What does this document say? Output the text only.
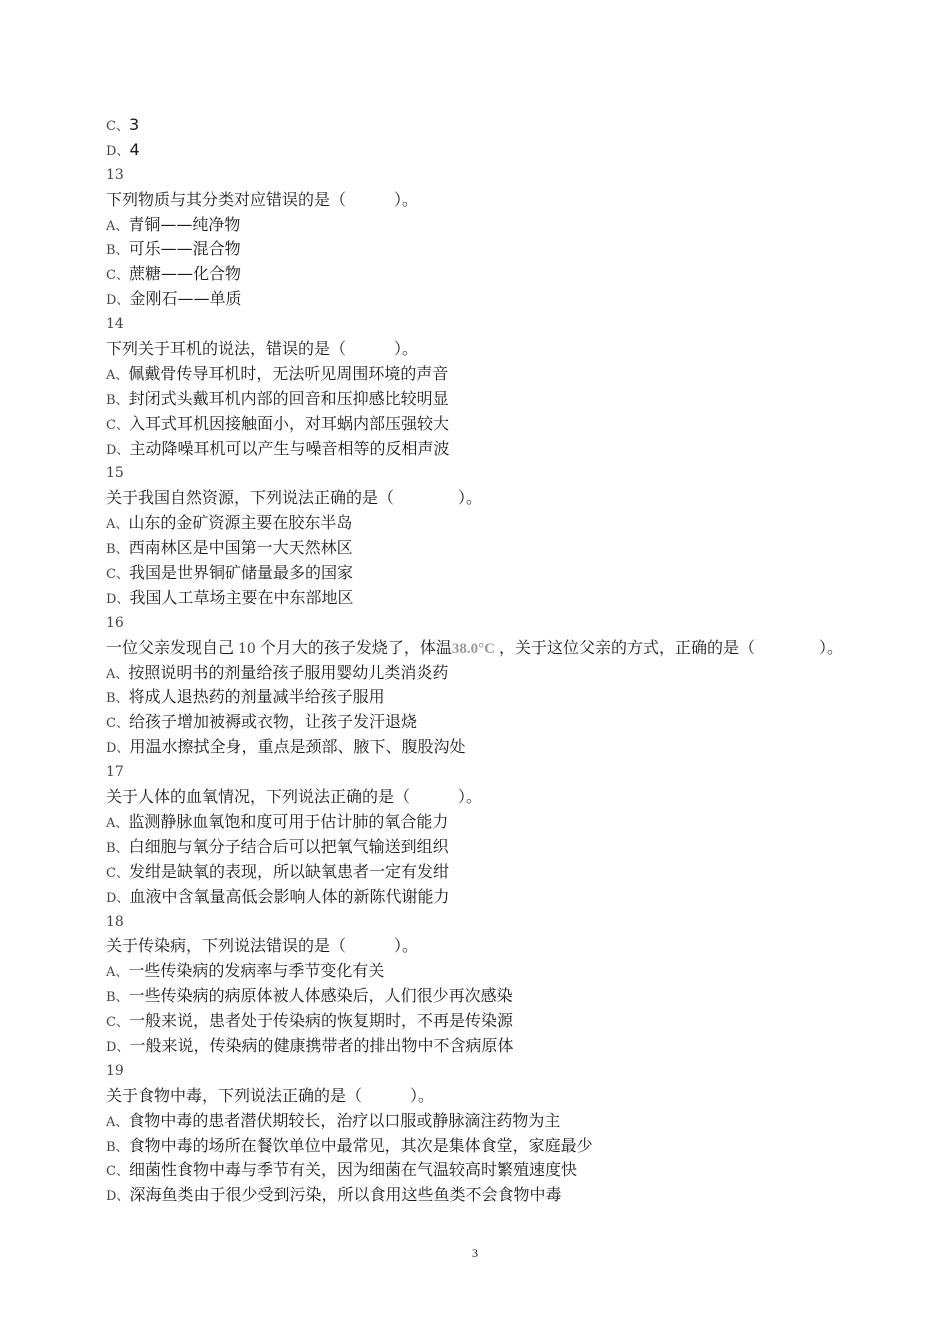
C、3
D、4
13
下列物质与其分类对应错误的是（　　　）。
A、青铜——纯净物
B、可乐——混合物
C、蔗糖——化合物
D、金刚石——单质
14
下列关于耳机的说法，错误的是（　　　）。
A、佩戴骨传导耳机时，无法听见周围环境的声音
B、封闭式头戴耳机内部的回音和压抑感比较明显
C、入耳式耳机因接触面小，对耳蜗内部压强较大
D、主动降噪耳机可以产生与噪音相等的反相声波
15
关于我国自然资源，下列说法正确的是（　　　　）。
A、山东的金矿资源主要在胶东半岛
B、西南林区是中国第一大天然林区
C、我国是世界铜矿储量最多的国家
D、我国人工草场主要在中东部地区
16
一位父亲发现自己 10 个月大的孩子发烧了，体温38.0°C ，关于这位父亲的方式，正确的是（　　　　）。
A、按照说明书的剂量给孩子服用婴幼儿类消炎药
B、将成人退热药的剂量减半给孩子服用
C、给孩子增加被褥或衣物，让孩子发汗退烧
D、用温水擦拭全身，重点是颈部、腋下、腹股沟处
17
关于人体的血氧情况，下列说法正确的是（　　　）。
A、监测静脉血氧饱和度可用于估计肺的氧合能力
B、白细胞与氧分子结合后可以把氧气输送到组织
C、发绀是缺氧的表现，所以缺氧患者一定有发绀
D、血液中含氧量高低会影响人体的新陈代谢能力
18
关于传染病，下列说法错误的是（　　　）。
A、一些传染病的发病率与季节变化有关
B、一些传染病的病原体被人体感染后，人们很少再次感染
C、一般来说，患者处于传染病的恢复期时，不再是传染源
D、一般来说，传染病的健康携带者的排出物中不含病原体
19
关于食物中毒，下列说法正确的是（　　　）。
A、食物中毒的患者潜伏期较长，治疗以口服或静脉滴注药物为主
B、食物中毒的场所在餐饮单位中最常见，其次是集体食堂，家庭最少
C、细菌性食物中毒与季节有关，因为细菌在气温较高时繁殖速度快
D、深海鱼类由于很少受到污染，所以食用这些鱼类不会食物中毒
3
